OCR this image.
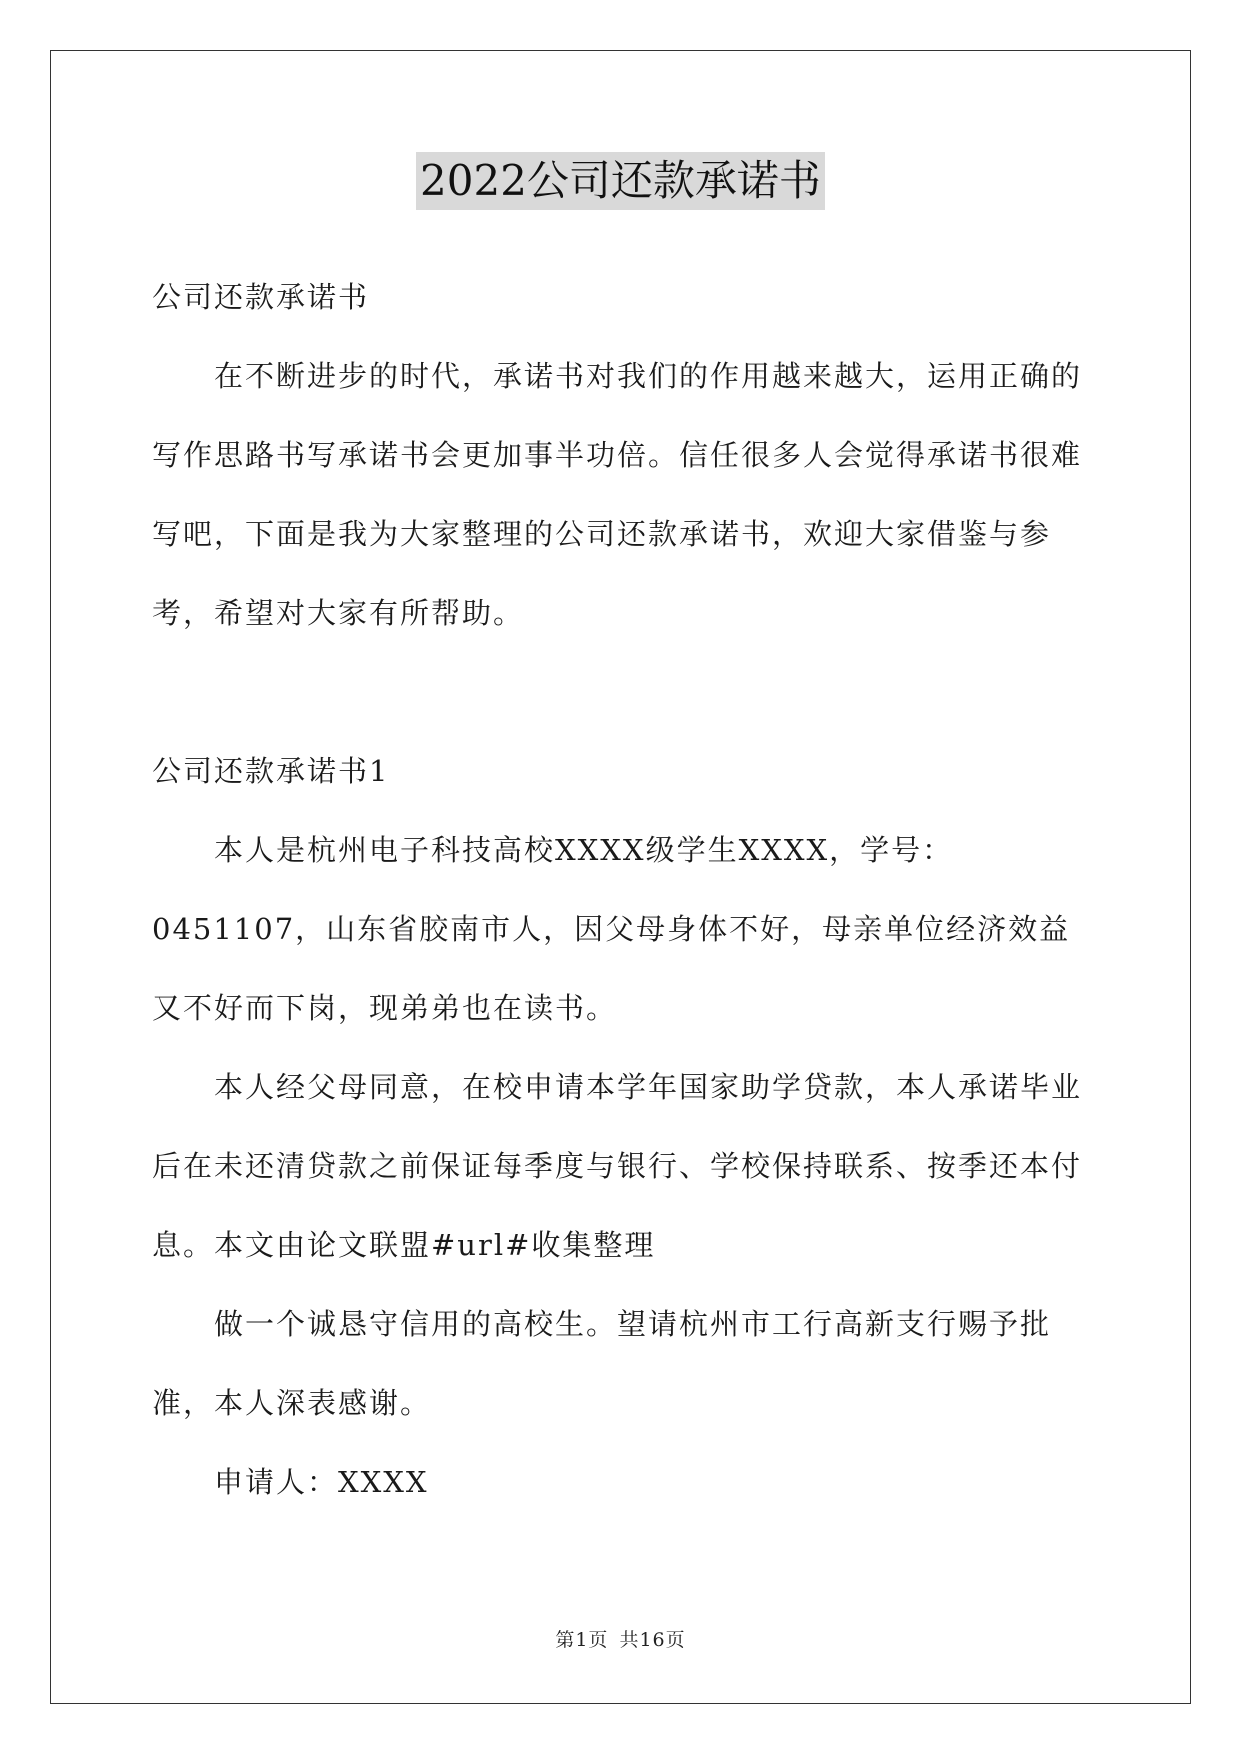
2022公司还款承诺书

公司还款承诺书

在不断进步的时代，承诺书对我们的作用越来越大，运用正确的写作思路书写承诺书会更加事半功倍。信任很多人会觉得承诺书很难写吧，下面是我为大家整理的公司还款承诺书，欢迎大家借鉴与参考，希望对大家有所帮助。

公司还款承诺书1

本人是杭州电子科技高校XXXX级学生XXXX，学号：0451107，山东省胶南市人，因父母身体不好，母亲单位经济效益又不好而下岗，现弟弟也在读书。

本人经父母同意，在校申请本学年国家助学贷款，本人承诺毕业后在未还清贷款之前保证每季度与银行、学校保持联系、按季还本付息。本文由论文联盟#url#收集整理

做一个诚恳守信用的高校生。望请杭州市工行高新支行赐予批准，本人深表感谢。

申请人：XXXX

第1页 共16页
